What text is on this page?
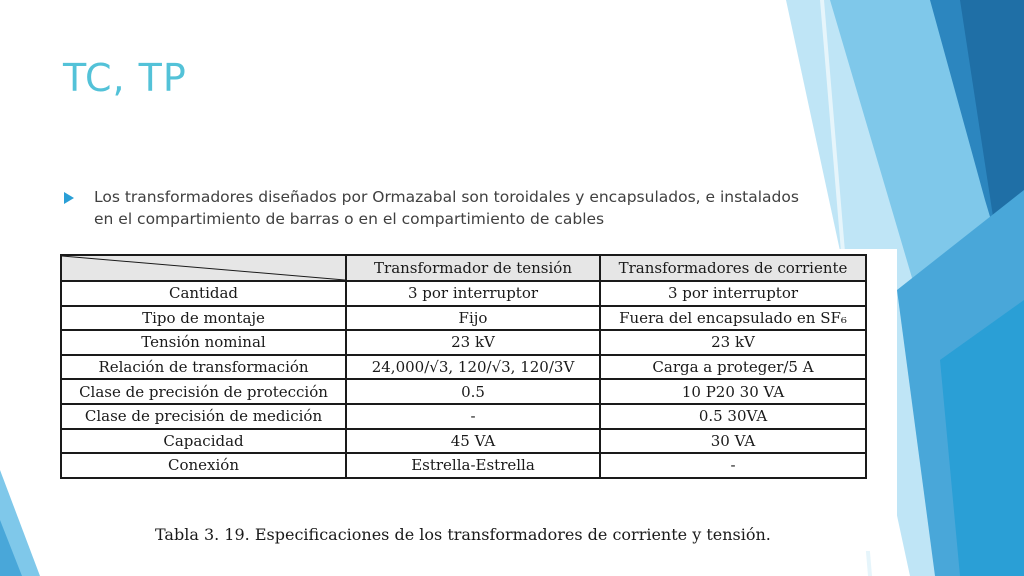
TC, TP
Los transformadores diseñados por Ormazabal son toroidales y encapsulados, e instalados en el compartimiento de barras o en el compartimiento de cables
	Transformador de tensión	Transformadores de corriente
Cantidad	3 por interruptor	3 por interruptor
Tipo de montaje	Fijo	Fuera del encapsulado en SF₆
Tensión nominal	23 kV	23 kV
Relación de transformación	24,000/√3, 120/√3, 120/3V	Carga a proteger/5 A
Clase de precisión de protección	0.5	10 P20 30 VA
Clase de precisión de medición	-	0.5 30VA
Capacidad	45 VA	30 VA
Conexión	Estrella-Estrella	-
Tabla 3. 19. Especificaciones de los transformadores de corriente y tensión.
